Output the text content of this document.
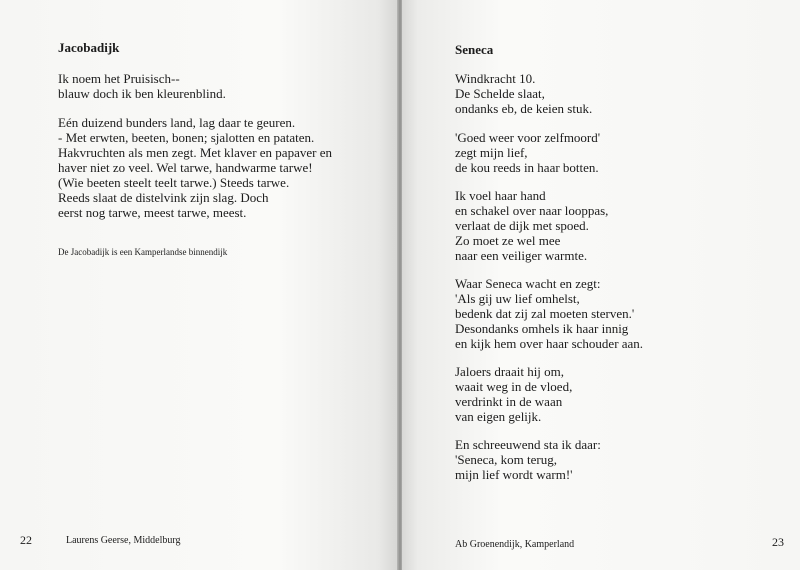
Jacobadijk
Ik noem het Pruisisch--
blauw doch ik ben kleurenblind.
Eén duizend bunders land, lag daar te geuren.
- Met erwten, beeten, bonen; sjalotten en pataten.
Hakvruchten als men zegt. Met klaver en papaver en
haver niet zo veel. Wel tarwe, handwarme tarwe!
(Wie beeten steelt teelt tarwe.) Steeds tarwe.
Reeds slaat de distelvink zijn slag. Doch
eerst nog tarwe, meest tarwe, meest.

De Jacobadijk is een Kamperlandse binnendijk

22	Laurens Geerse, Middelburg
Seneca
Windkracht 10.
De Schelde slaat,
ondanks eb, de keien stuk.
'Goed weer voor zelfmoord'
zegt mijn lief,
de kou reeds in haar botten.
Ik voel haar hand
en schakel over naar looppas,
verlaat de dijk met spoed.
Zo moet ze wel mee
naar een veiliger warmte.
Waar Seneca wacht en zegt:
'Als gij uw lief omhelst,
bedenk dat zij zal moeten sterven.'
Desondanks omhels ik haar innig
en kijk hem over haar schouder aan.
Jaloers draait hij om,
waait weg in de vloed,
verdrinkt in de waan
van eigen gelijk.
En schreeuwend sta ik daar:
'Seneca, kom terug,
mijn lief wordt warm!'
Ab Groenendijk, Kamperland	23
